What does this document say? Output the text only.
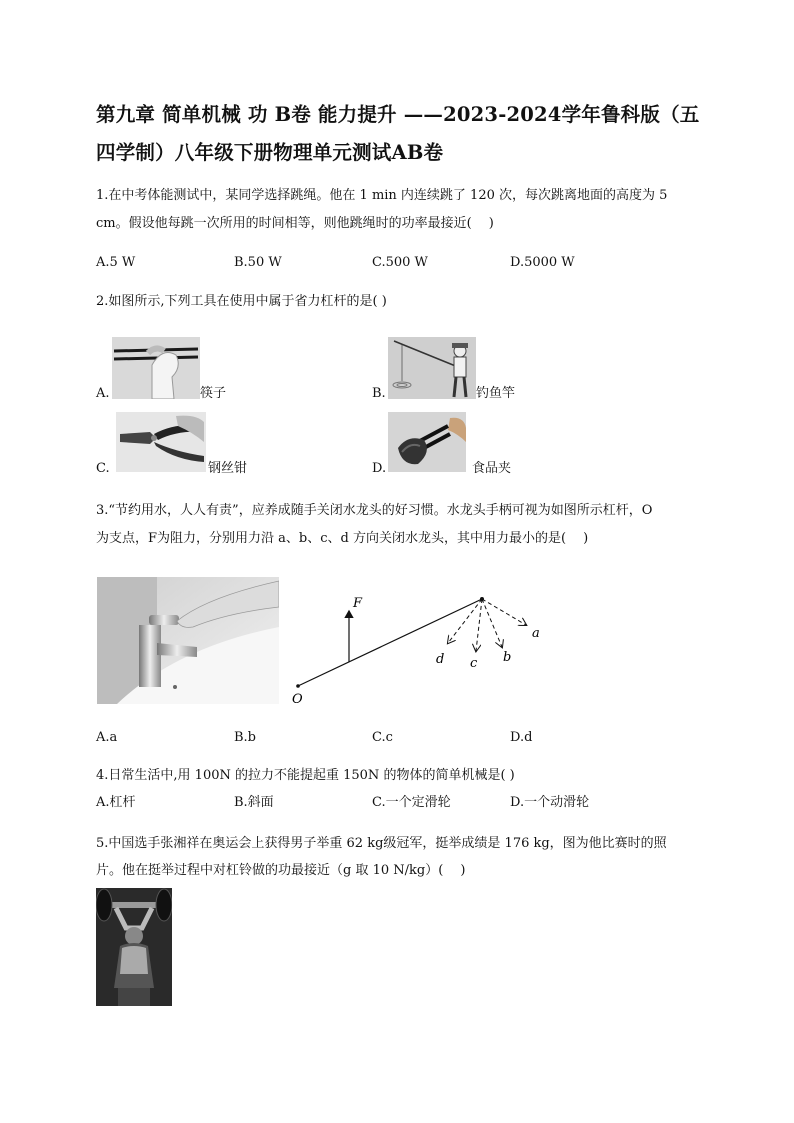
第九章 简单机械 功 B卷 能力提升 ——2023-2024学年鲁科版（五
四学制）八年级下册物理单元测试AB卷
1.在中考体能测试中，某同学选择跳绳。他在 1 min 内连续跳了 120 次，每次跳离地面的高度为 5
cm。假设他每跳一次所用的时间相等，则他跳绳时的功率最接近(　 )
A.5 W	B.50 W	C.500 W	D.5000 W
2.如图所示,下列工具在使用中属于省力杠杆的是( )
A.	筷子	B.	钓鱼竿
C.	钢丝钳	D.	食品夹
3.“节约用水，人人有责”，应养成随手关闭水龙头的好习惯。水龙头手柄可视为如图所示杠杆，O
为支点，F为阻力，分别用力沿 a、b、c、d 方向关闭水龙头，其中用力最小的是(　 )
F
O
a
b
c
d
A.a	B.b	C.c	D.d
4.日常生活中,用 100N 的拉力不能提起重 150N 的物体的简单机械是( )
A.杠杆	B.斜面	C.一个定滑轮	D.一个动滑轮
5.中国选手张湘祥在奥运会上获得男子举重 62 kg级冠军，挺举成绩是 176 kg，图为他比赛时的照
片。他在挺举过程中对杠铃做的功最接近（g 取 10 N/kg）(　 )
